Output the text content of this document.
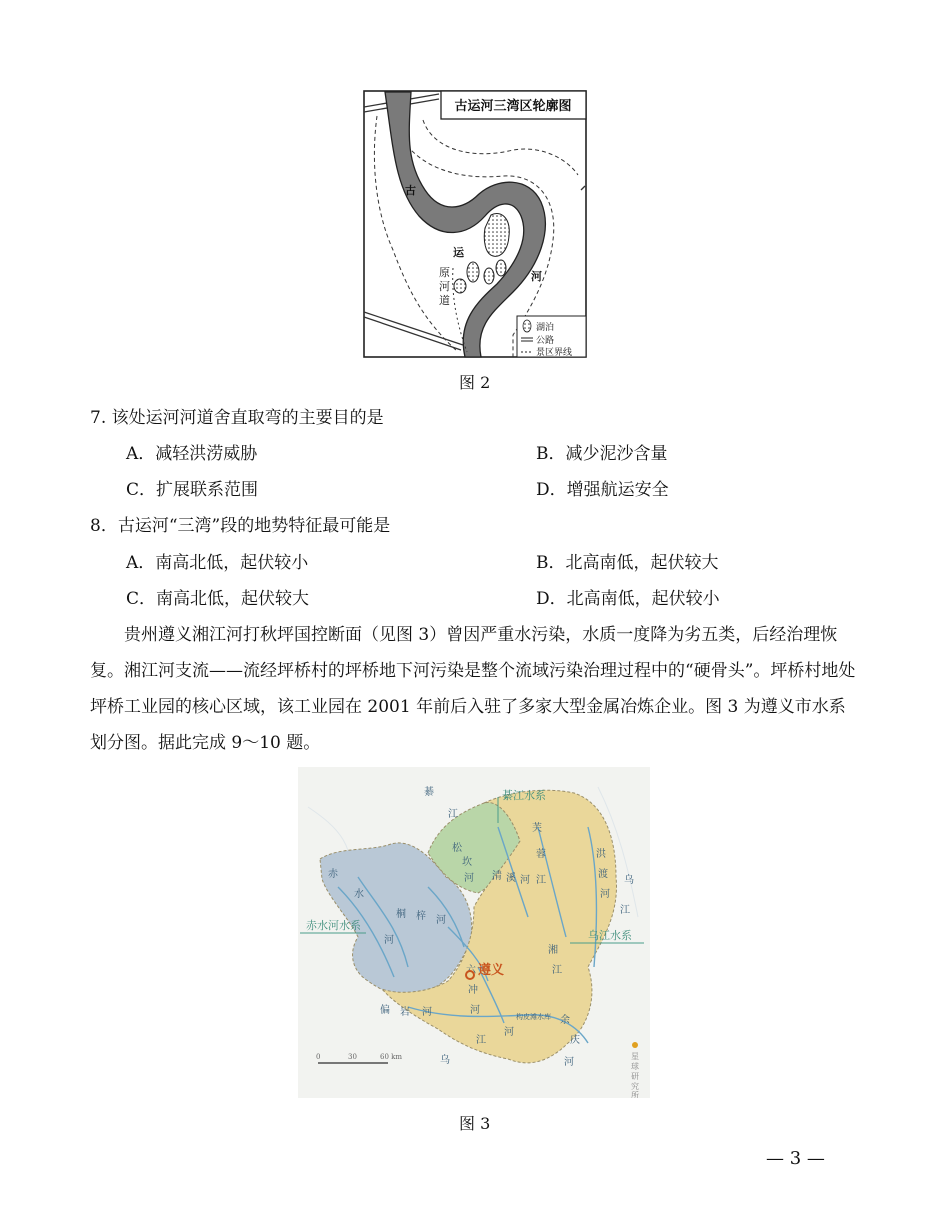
古运河三湾区轮廓图
古
运
河
原
河
道
湖泊
公路
景区界线
图 2
7. 该处运河河道舍直取弯的主要目的是
A．减轻洪涝威胁	B．减少泥沙含量
C．扩展联系范围	D．增强航运安全
8．古运河“三湾”段的地势特征最可能是
A．南高北低，起伏较小	B．北高南低，起伏较大
C．南高北低，起伏较大	D．北高南低，起伏较小
贵州遵义湘江河打秋坪国控断面（见图 3）曾因严重水污染，水质一度降为劣五类，后经治理恢复。湘江河支流——流经坪桥村的坪桥地下河污染是整个流域污染治理过程中的“硬骨头”。坪桥村地处坪桥工业园的核心区域，该工业园在 2001 年前后入驻了多家大型金属冶炼企业。图 3 为遵义市水系划分图。据此完成 9～10 题。
綦江水系
赤水河水系
乌江水系
綦
江
松
坎
河
芙
蓉
江
赤
水
河
桐 梓 河
湘
江
清 溪 河
洪
渡
河
乌
江
偏 岩 河
乌
江
六
冲
河
余
庆
河
构皮滩水库
河
遵义
0	30	60 km	星
球
研
究
所
图 3
— 3 —
